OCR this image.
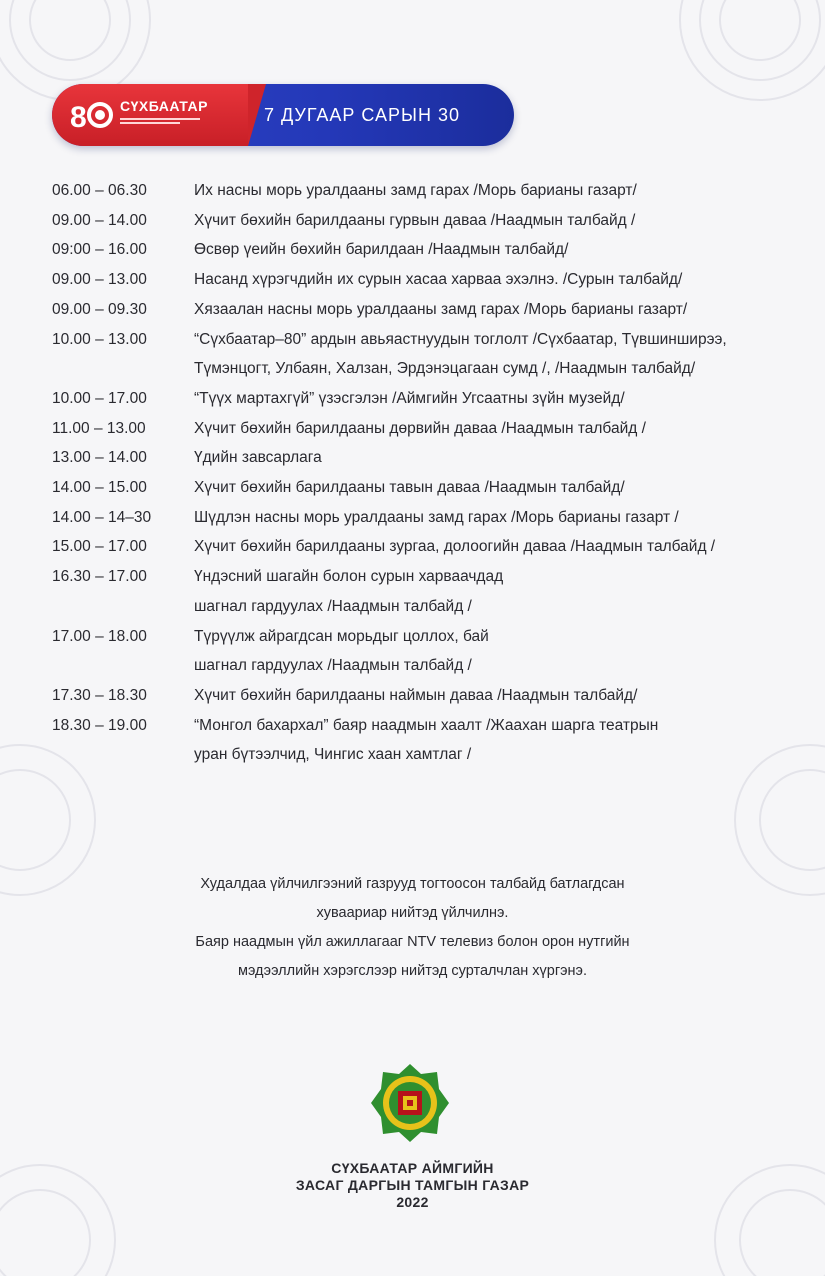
8 СҮХБААТАР	7 ДУГААР САРЫН 30
06.00 – 06.30	Их насны морь уралдааны замд гарах /Морь барианы газарт/
09.00 – 14.00	Хүчит бөхийн барилдааны гурвын даваа /Наадмын талбайд /
09:00 – 16.00	Өсвөр үеийн бөхийн барилдаан /Наадмын талбайд/
09.00 – 13.00	Насанд хүрэгчдийн их сурын хасаа харваа эхэлнэ. /Сурын талбайд/
09.00 – 09.30	Хязаалан насны морь уралдааны замд гарах /Морь барианы газарт/
10.00 – 13.00	“Сүхбаатар–80” ардын авьяастнуудын тоглолт /Сүхбаатар, Түвшинширээ,
Түмэнцогт, Улбаян, Халзан, Эрдэнэцагаан сумд /, /Наадмын талбайд/
10.00 – 17.00	“Түүх мартахгүй” үзэсгэлэн /Аймгийн Угсаатны зүйн музейд/
11.00 – 13.00	Хүчит бөхийн барилдааны дөрвийн даваа /Наадмын талбайд /
13.00 – 14.00	Үдийн завсарлага
14.00 – 15.00	Хүчит бөхийн барилдааны тавын даваа /Наадмын талбайд/
14.00 – 14–30	Шүдлэн насны морь уралдааны замд гарах /Морь барианы газарт /
15.00 – 17.00	Хүчит бөхийн барилдааны зургаа, долоогийн даваа /Наадмын талбайд /
16.30 – 17.00	Үндэсний шагайн болон сурын харваачдад
шагнал гардуулах /Наадмын талбайд /
17.00 – 18.00	Түрүүлж айрагдсан морьдыг цоллох, бай
шагнал гардуулах /Наадмын талбайд /
17.30 – 18.30	Хүчит бөхийн барилдааны наймын даваа /Наадмын талбайд/
18.30 – 19.00	“Монгол бахархал” баяр наадмын хаалт /Жаахан шарга театрын
уран бүтээлчид, Чингис хаан хамтлаг /
Худалдаа үйлчилгээний газрууд тогтоосон талбайд батлагдсан
хуваариар нийтэд үйлчилнэ.
Баяр наадмын үйл ажиллагааг NTV телевиз болон орон нутгийн
мэдээллийн хэрэгслээр нийтэд сурталчлан хүргэнэ.
СҮХБААТАР АЙМГИЙН
ЗАСАГ ДАРГЫН ТАМГЫН ГАЗАР
2022
